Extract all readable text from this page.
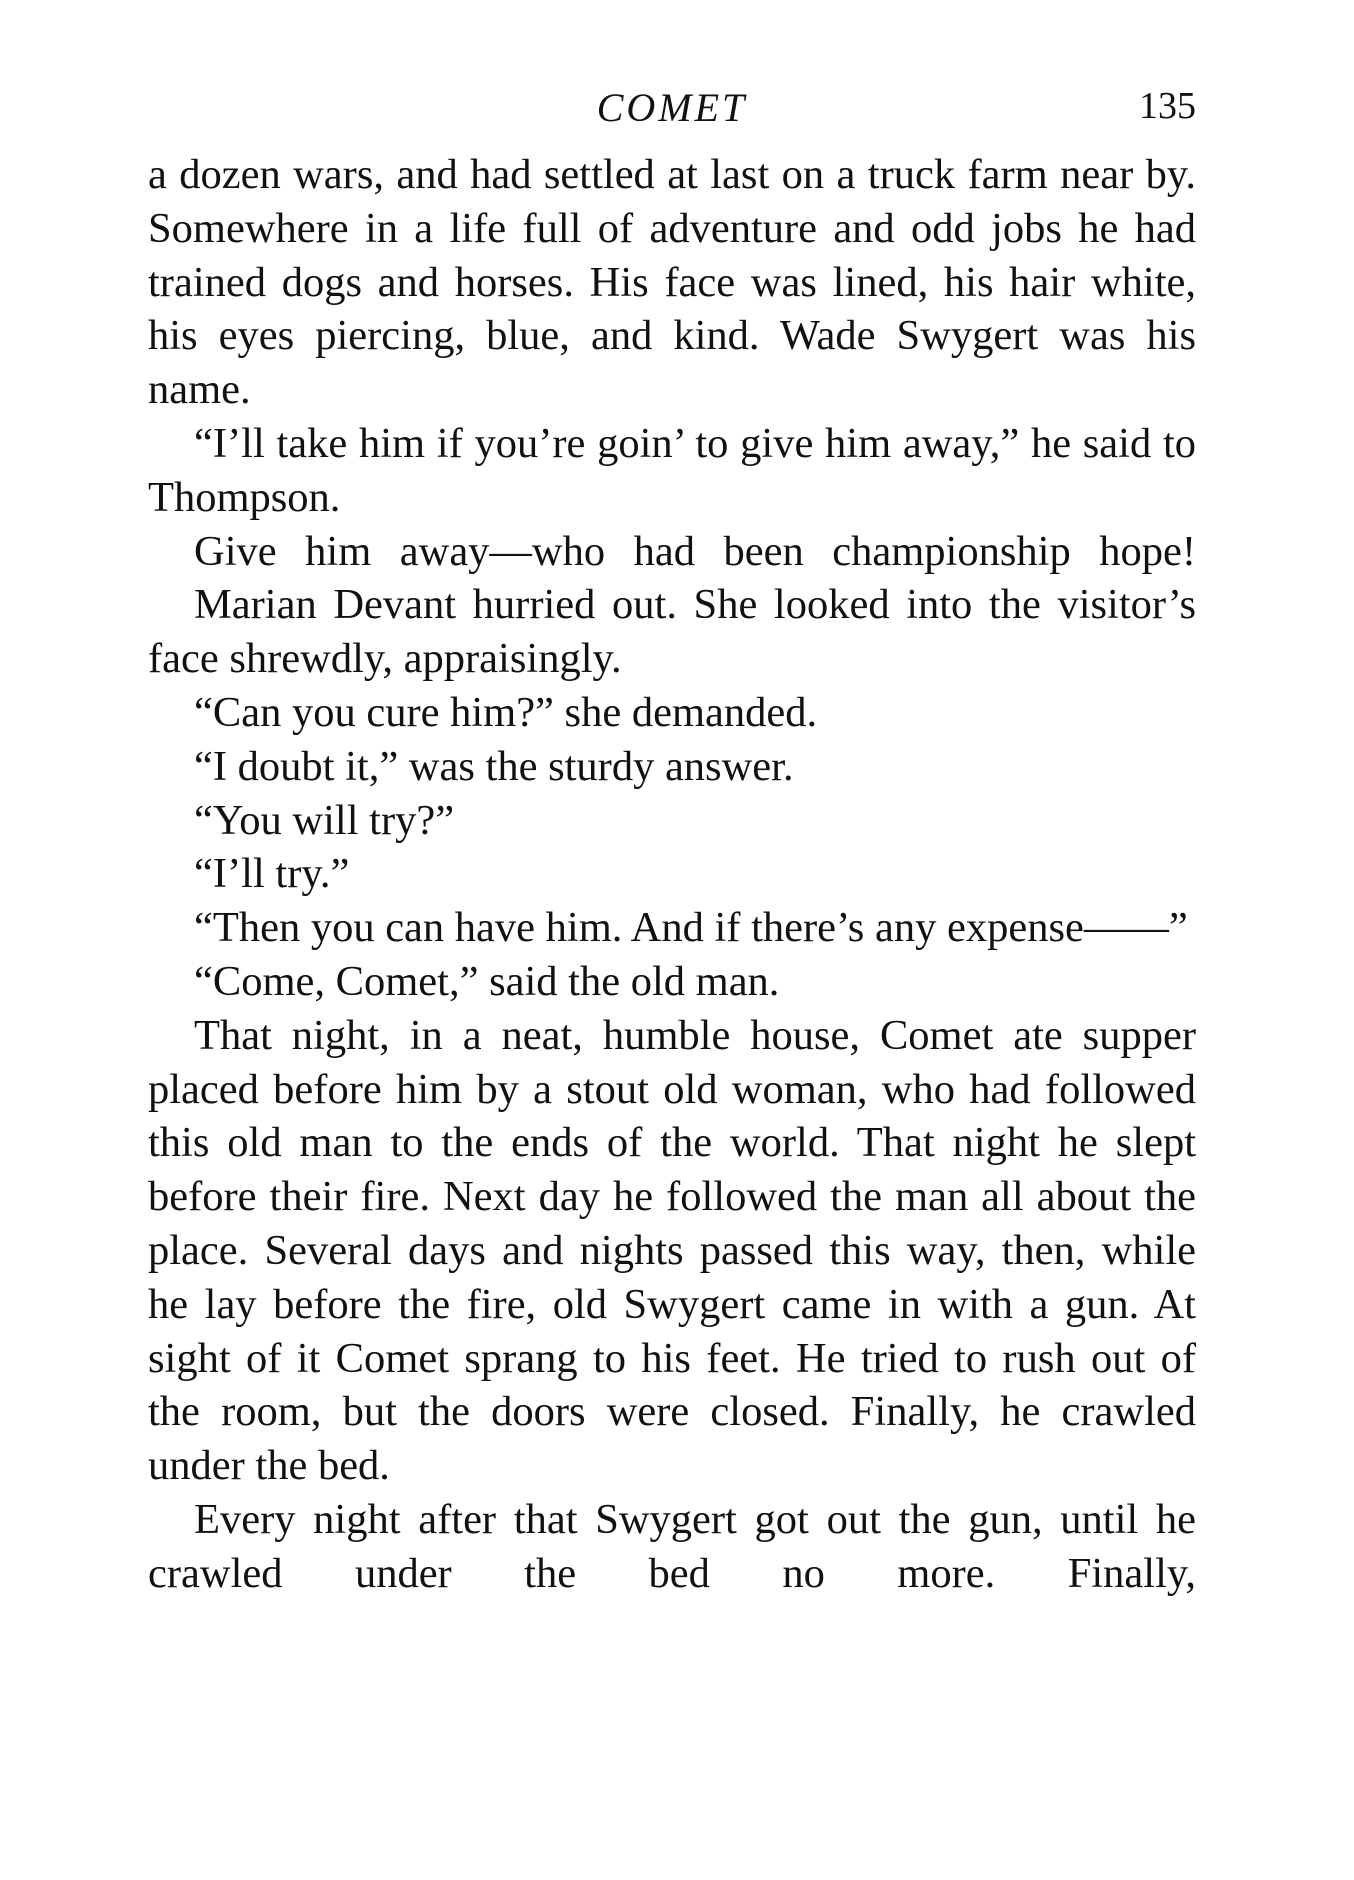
COMET	135

a dozen wars, and had settled at last on a truck farm near by. Somewhere in a life full of adventure and odd jobs he had trained dogs and horses. His face was lined, his hair white, his eyes piercing, blue, and kind. Wade Swygert was his name.

“I’ll take him if you’re goin’ to give him away,” he said to Thompson.

Give him away—who had been championship hope!

Marian Devant hurried out. She looked into the visitor’s face shrewdly, appraisingly.

“Can you cure him?” she demanded.

“I doubt it,” was the sturdy answer.

“You will try?”

“I’ll try.”

“Then you can have him. And if there’s any expense——”

“Come, Comet,” said the old man.

That night, in a neat, humble house, Comet ate supper placed before him by a stout old woman, who had followed this old man to the ends of the world. That night he slept before their fire. Next day he followed the man all about the place. Several days and nights passed this way, then, while he lay before the fire, old Swygert came in with a gun. At sight of it Comet sprang to his feet. He tried to rush out of the room, but the doors were closed. Finally, he crawled under the bed.

Every night after that Swygert got out the gun, until he crawled under the bed no more. Finally,
